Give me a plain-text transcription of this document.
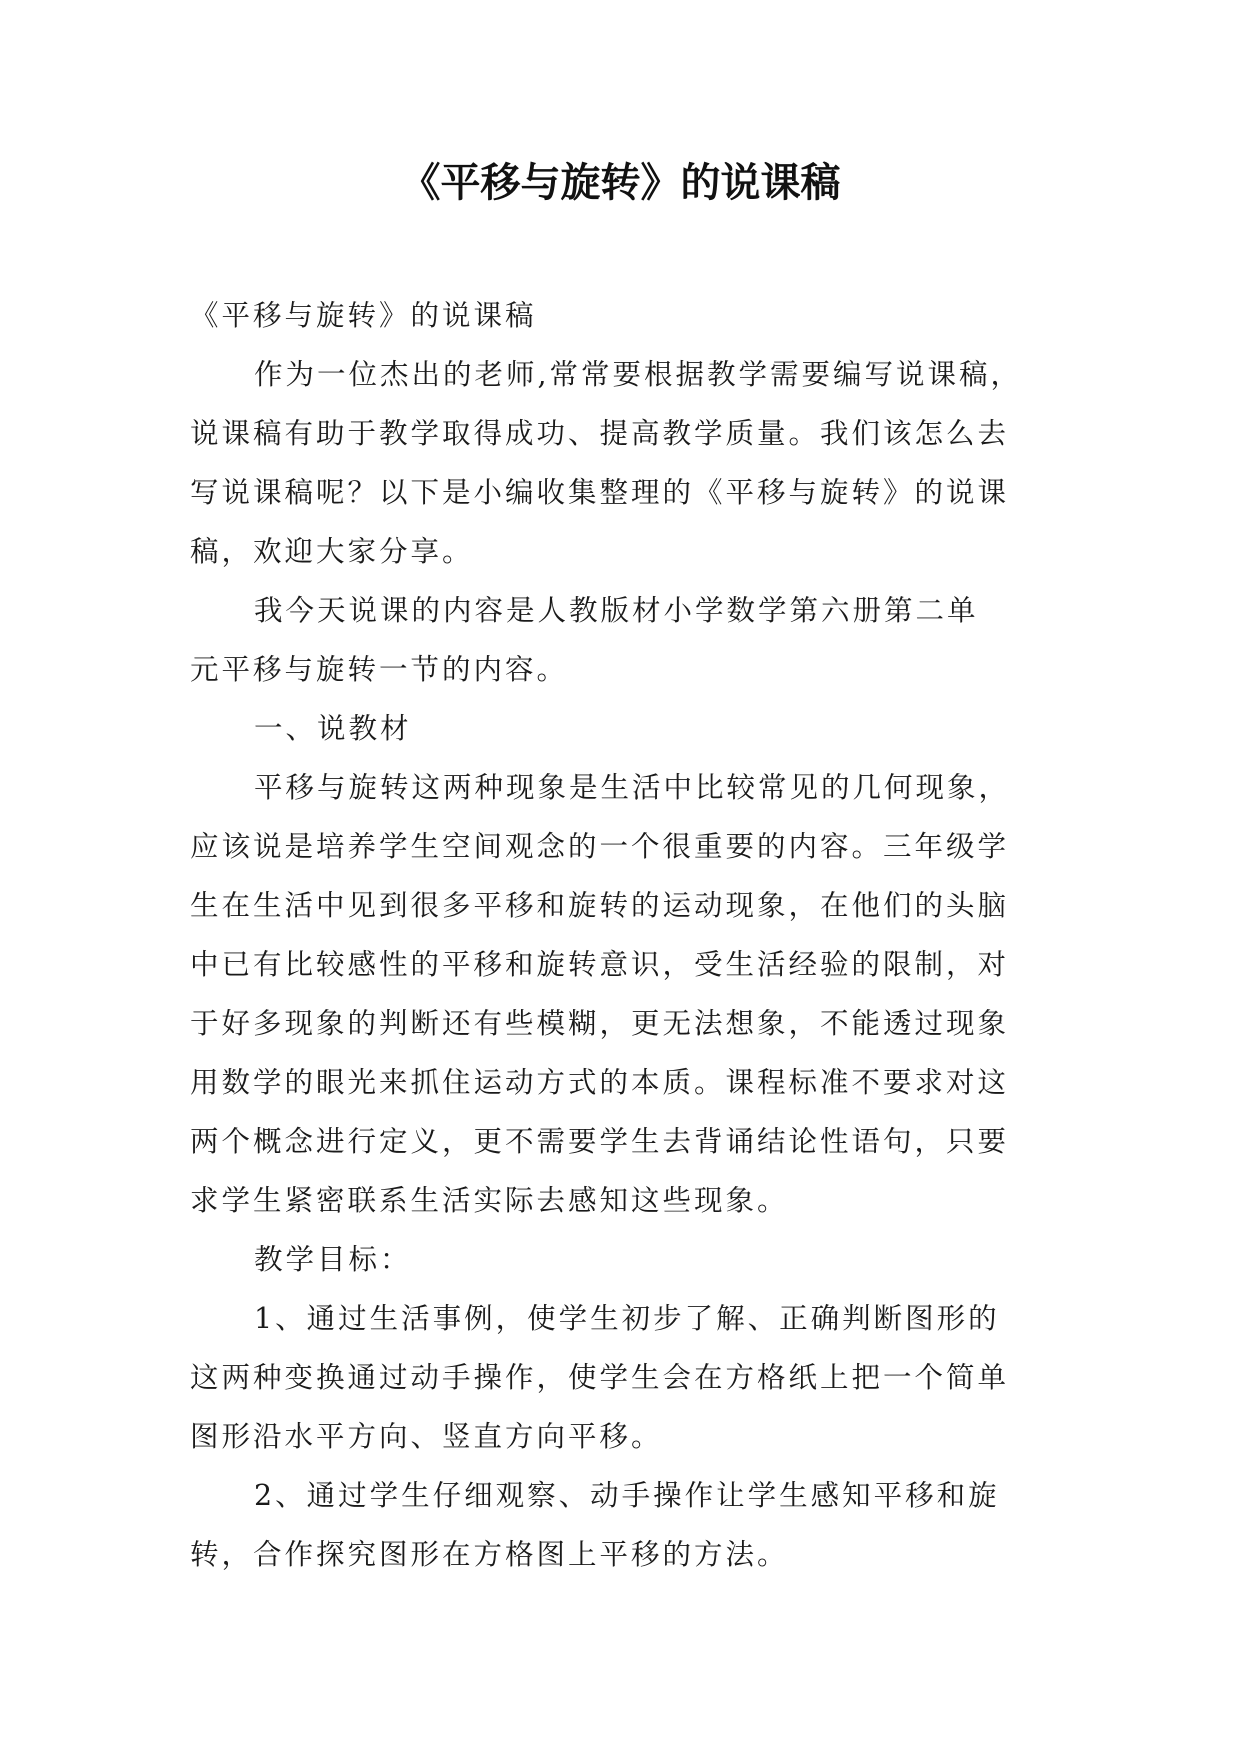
《平移与旋转》的说课稿

《平移与旋转》的说课稿

作为一位杰出的老师,常常要根据教学需要编写说课稿，
说课稿有助于教学取得成功、提高教学质量。我们该怎么去
写说课稿呢？以下是小编收集整理的《平移与旋转》的说课
稿，欢迎大家分享。

我今天说课的内容是人教版材小学数学第六册第二单
元平移与旋转一节的内容。

一、说教材

平移与旋转这两种现象是生活中比较常见的几何现象，
应该说是培养学生空间观念的一个很重要的内容。三年级学
生在生活中见到很多平移和旋转的运动现象，在他们的头脑
中已有比较感性的平移和旋转意识，受生活经验的限制，对
于好多现象的判断还有些模糊，更无法想象，不能透过现象
用数学的眼光来抓住运动方式的本质。课程标准不要求对这
两个概念进行定义，更不需要学生去背诵结论性语句，只要
求学生紧密联系生活实际去感知这些现象。

教学目标：

1、通过生活事例，使学生初步了解、正确判断图形的
这两种变换通过动手操作，使学生会在方格纸上把一个简单
图形沿水平方向、竖直方向平移。

2、通过学生仔细观察、动手操作让学生感知平移和旋
转，合作探究图形在方格图上平移的方法。
